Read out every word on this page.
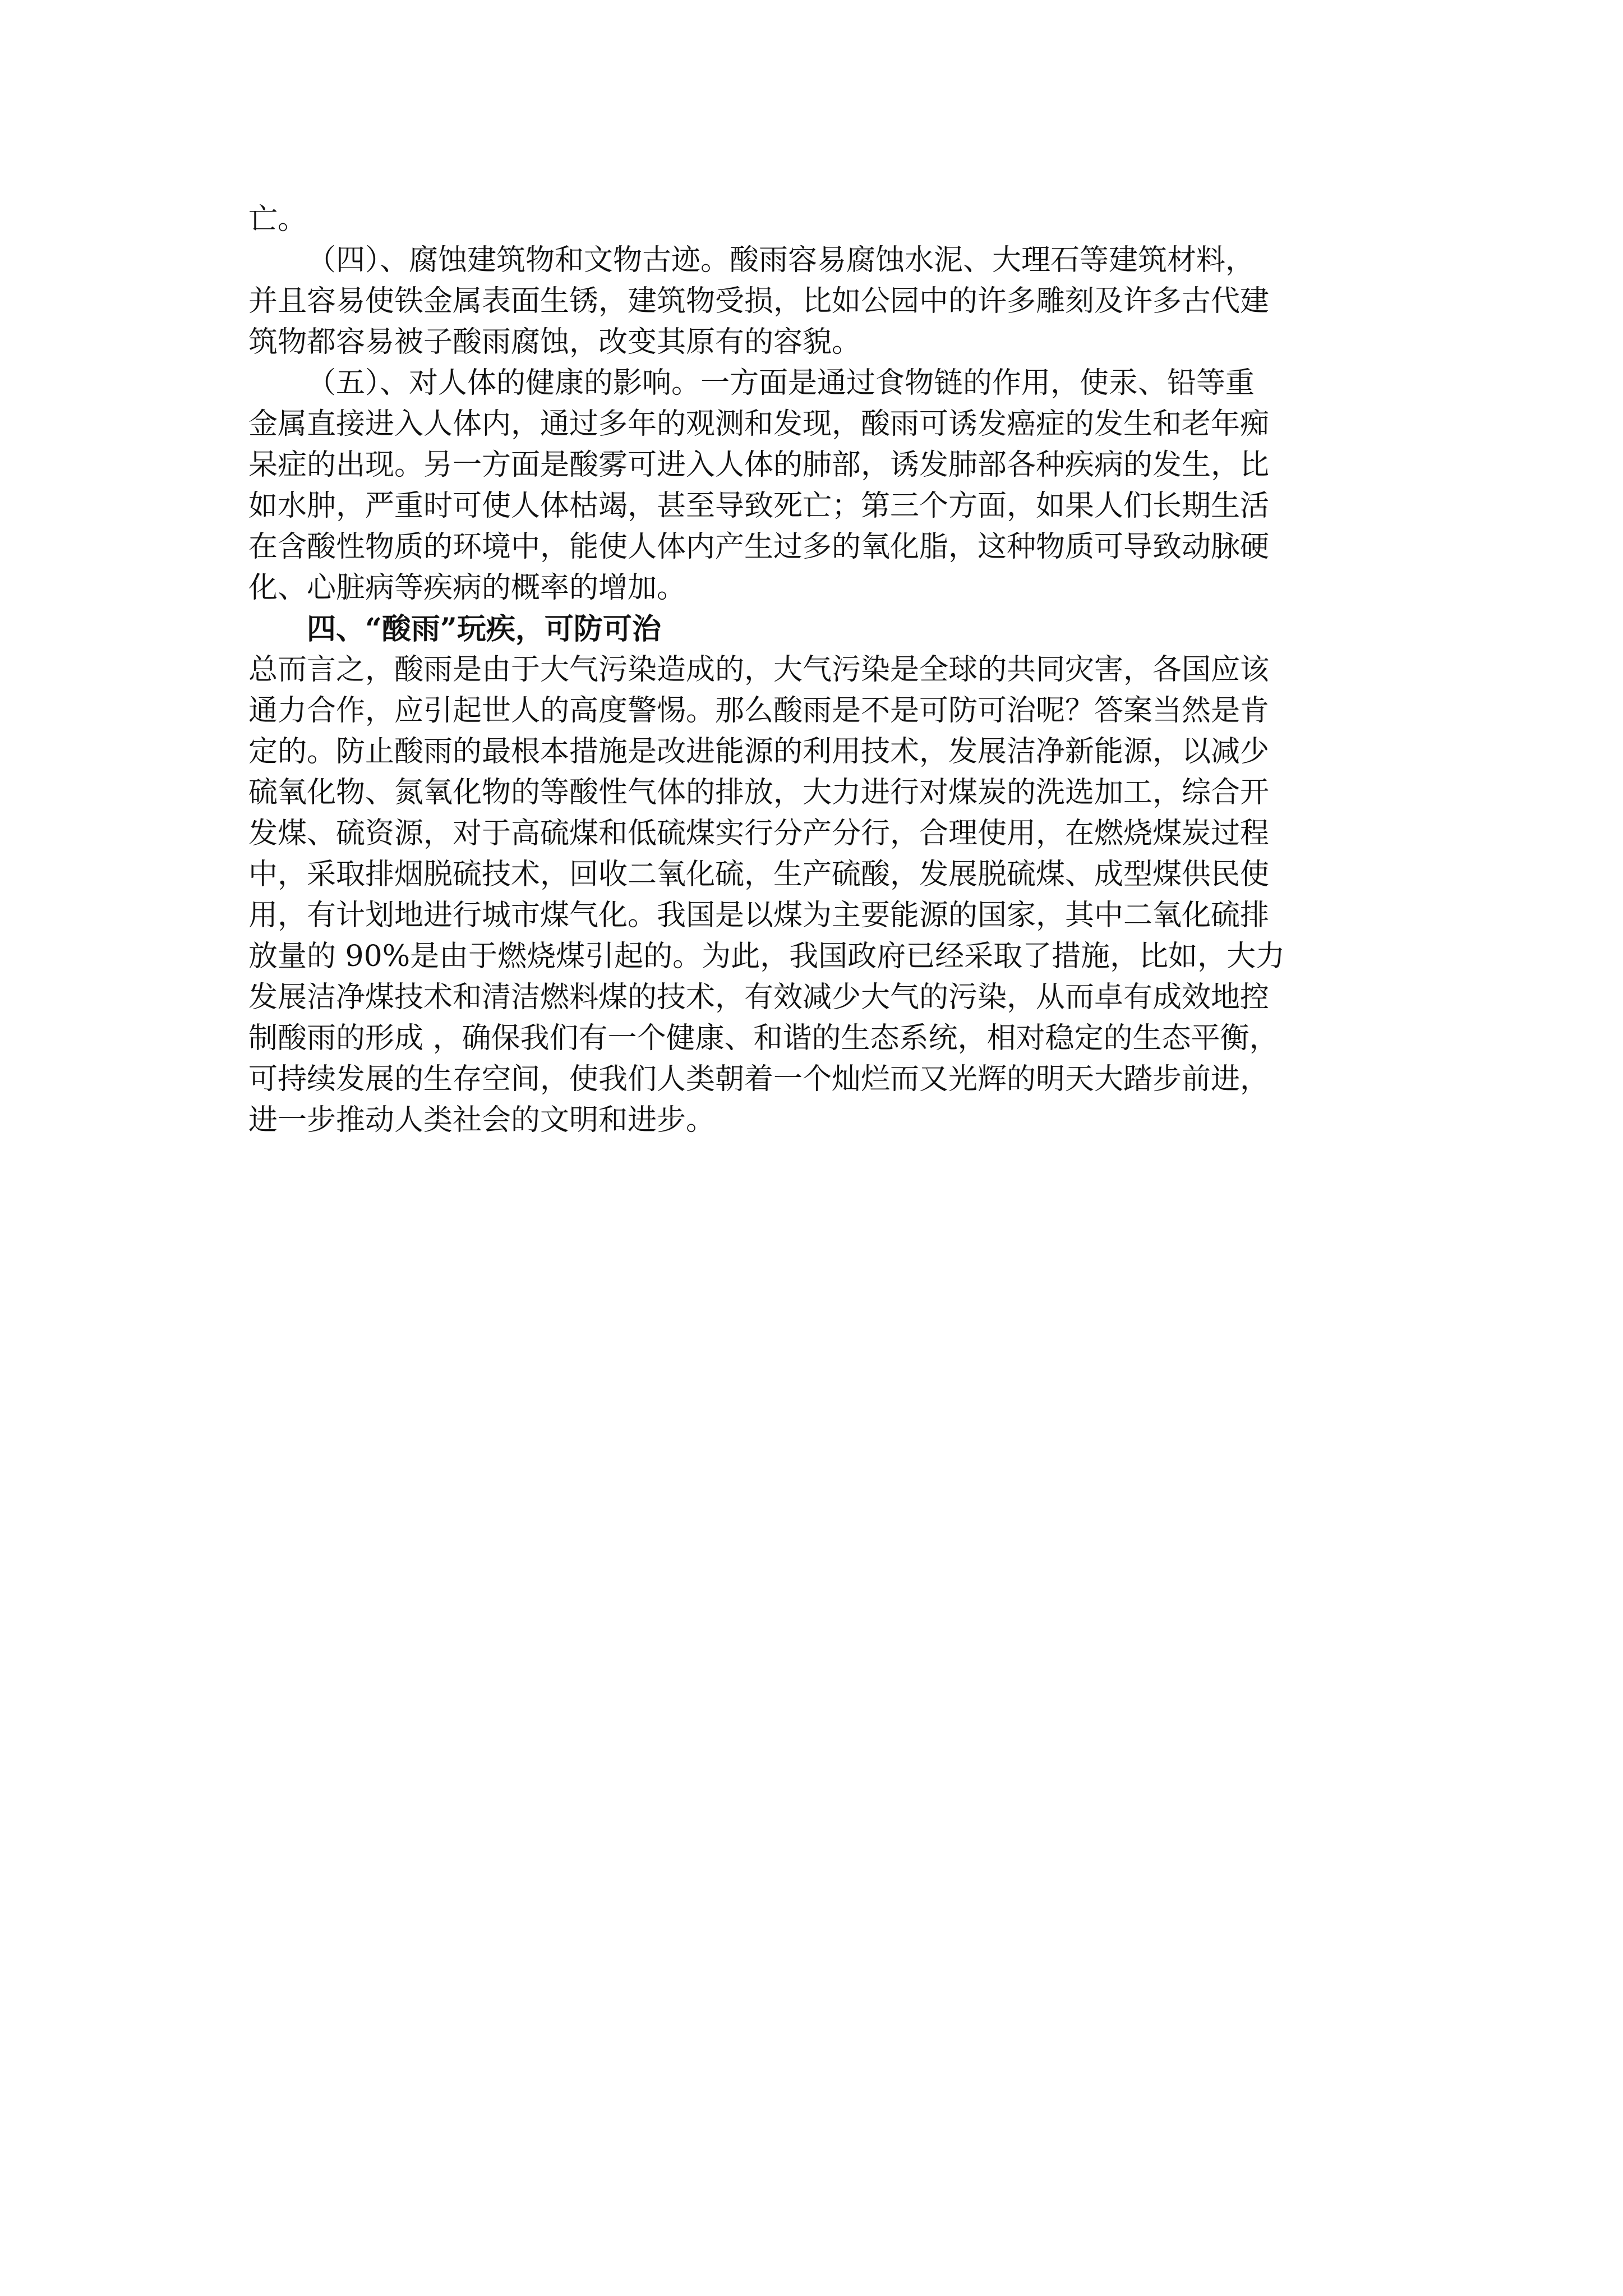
亡。
（四）、腐蚀建筑物和文物古迹。酸雨容易腐蚀水泥、大理石等建筑材料，
并且容易使铁金属表面生锈，建筑物受损，比如公园中的许多雕刻及许多古代建
筑物都容易被子酸雨腐蚀，改变其原有的容貌。
（五）、对人体的健康的影响。一方面是通过食物链的作用，使汞、铅等重
金属直接进入人体内，通过多年的观测和发现，酸雨可诱发癌症的发生和老年痴
呆症的出现。另一方面是酸雾可进入人体的肺部，诱发肺部各种疾病的发生，比
如水肿，严重时可使人体枯竭，甚至导致死亡；第三个方面，如果人们长期生活
在含酸性物质的环境中，能使人体内产生过多的氧化脂，这种物质可导致动脉硬
化、心脏病等疾病的概率的增加。
四、“酸雨”玩疾，可防可治
总而言之，酸雨是由于大气污染造成的，大气污染是全球的共同灾害，各国应该
通力合作，应引起世人的高度警惕。那么酸雨是不是可防可治呢？答案当然是肯
定的。防止酸雨的最根本措施是改进能源的利用技术，发展洁净新能源，以减少
硫氧化物、氮氧化物的等酸性气体的排放，大力进行对煤炭的洗选加工，综合开
发煤、硫资源，对于高硫煤和低硫煤实行分产分行，合理使用，在燃烧煤炭过程
中，采取排烟脱硫技术，回收二氧化硫，生产硫酸，发展脱硫煤、成型煤供民使
用，有计划地进行城市煤气化。我国是以煤为主要能源的国家，其中二氧化硫排
放量的 90%是由于燃烧煤引起的。为此，我国政府已经采取了措施，比如，大力
发展洁净煤技术和清洁燃料煤的技术，有效减少大气的污染，从而卓有成效地控
制酸雨的形成 ，确保我们有一个健康、和谐的生态系统，相对稳定的生态平衡，
可持续发展的生存空间，使我们人类朝着一个灿烂而又光辉的明天大踏步前进，
进一步推动人类社会的文明和进步。
